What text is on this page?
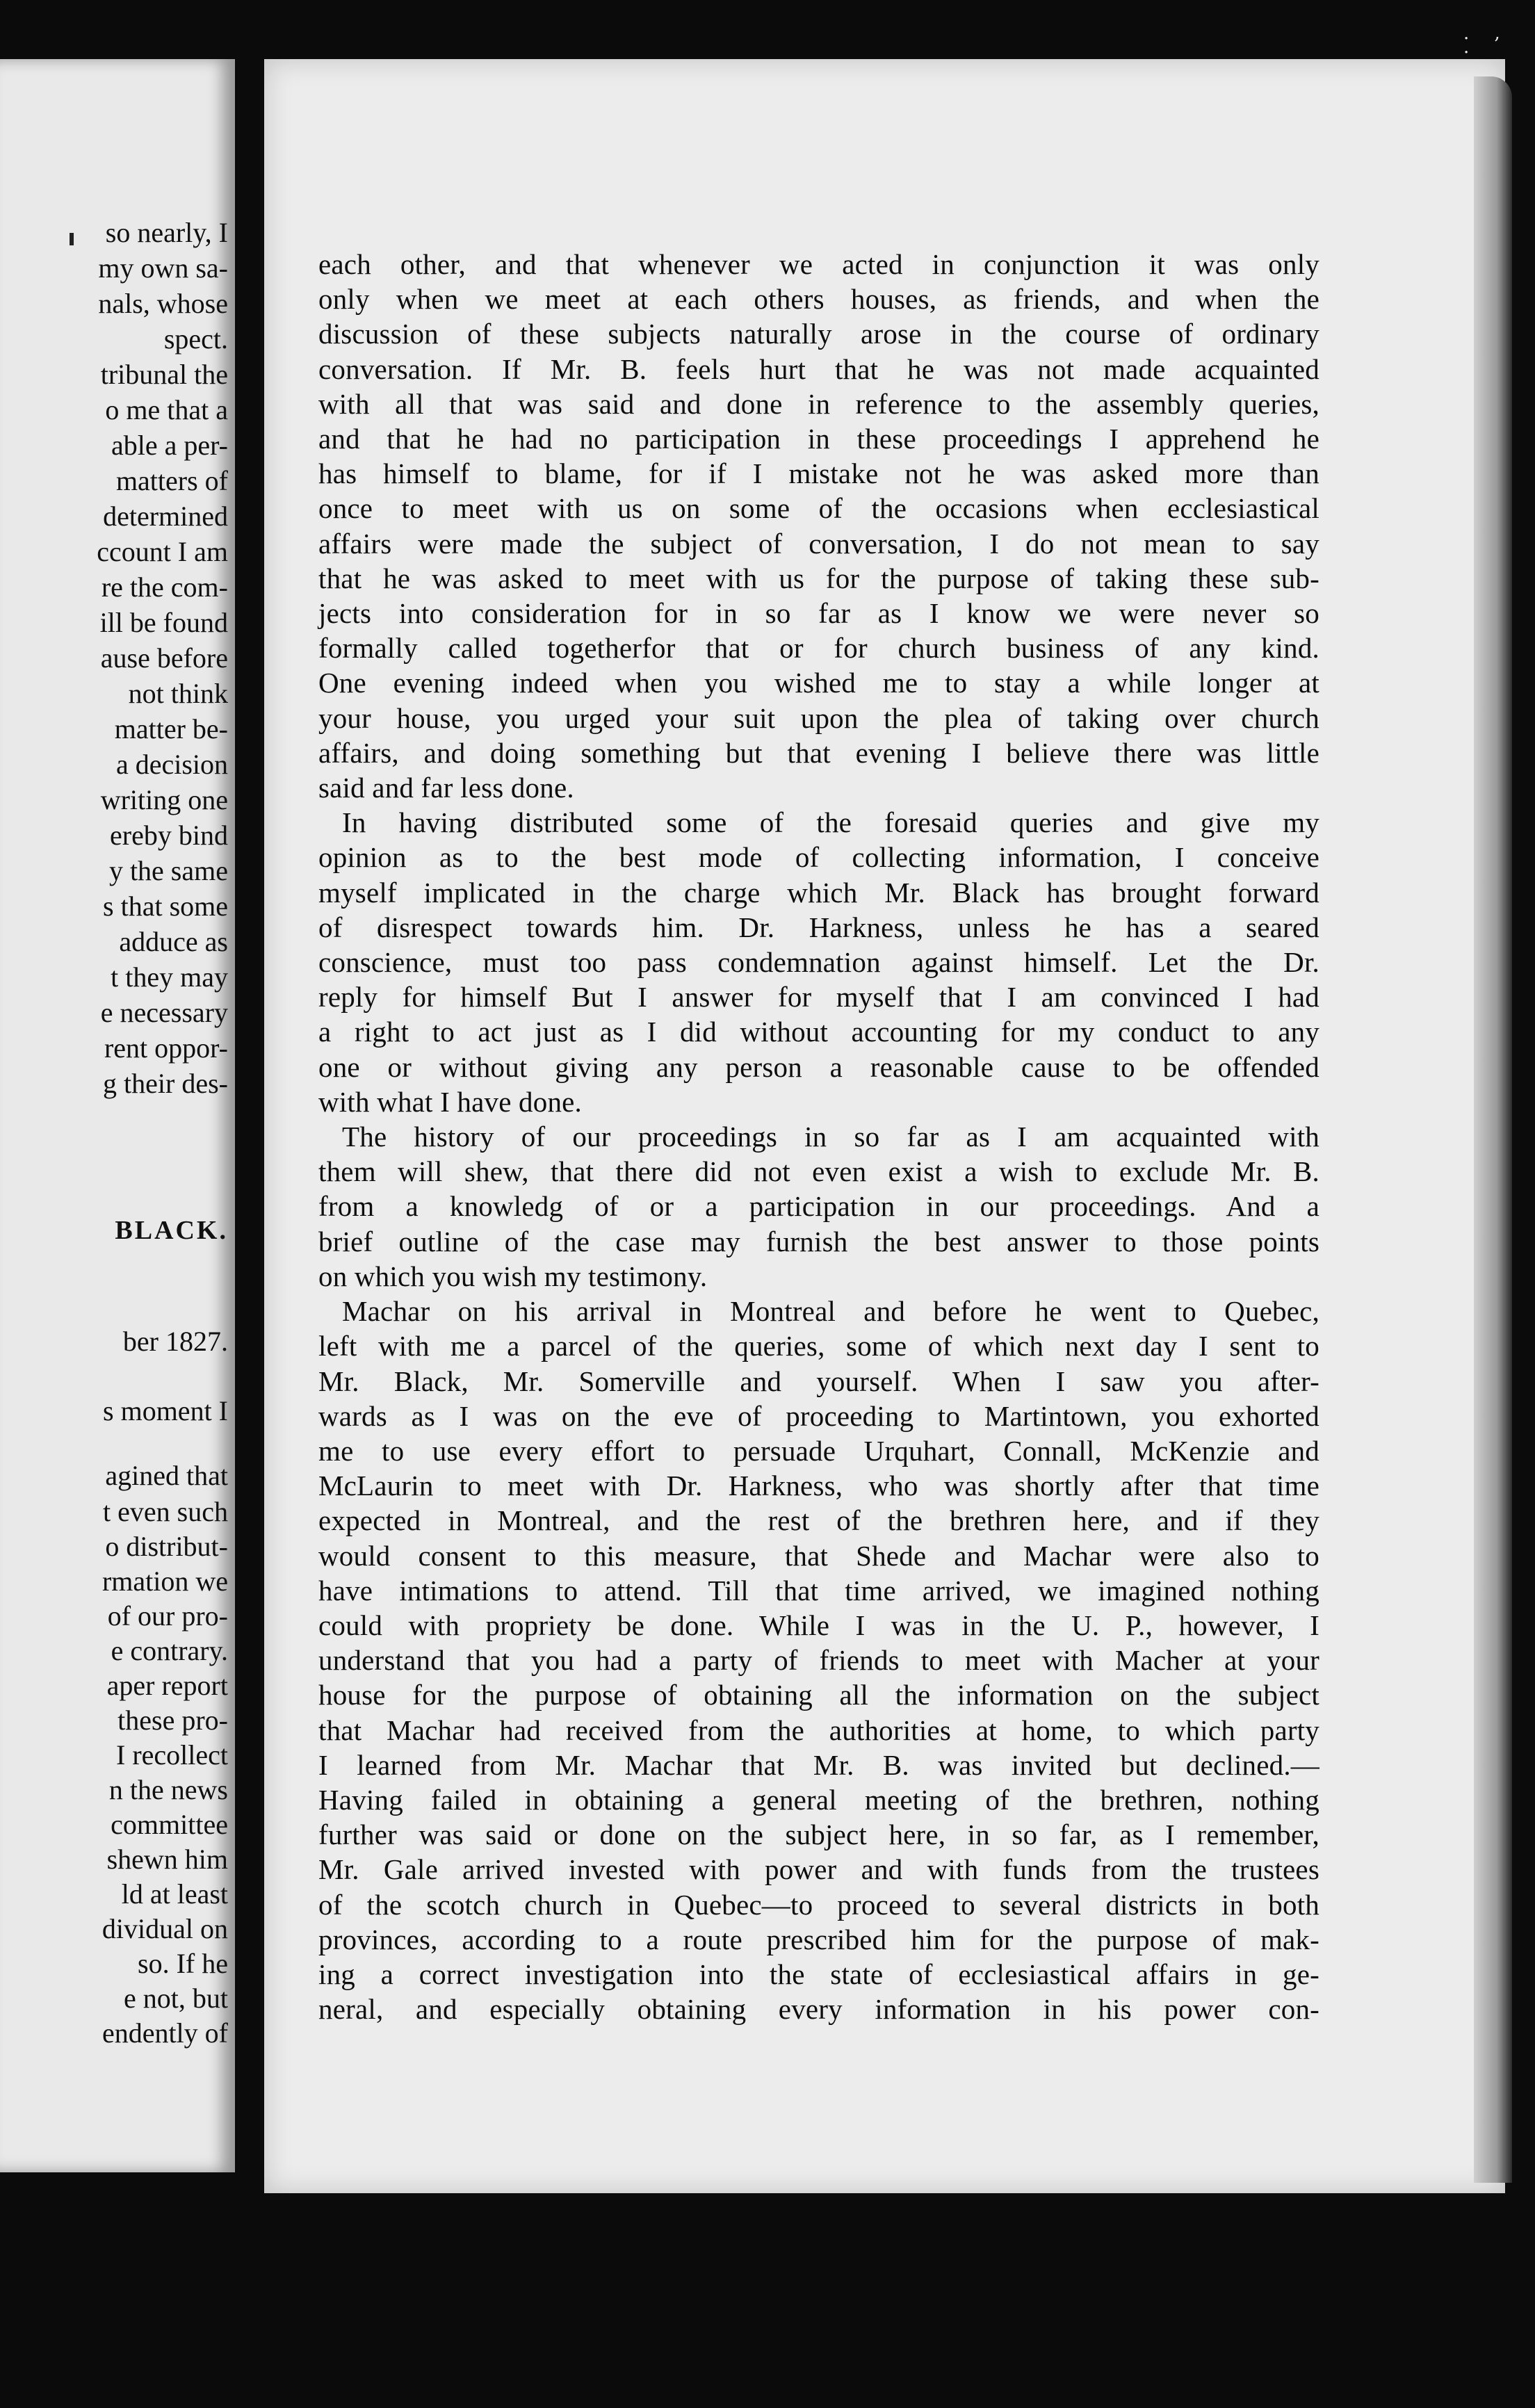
. , .
so nearly, I
my own sa-
nals, whose
spect.
tribunal the
o me that a
able a per-
matters of
determined
ccount I am
re the com-
ill be found
ause before
not think
matter be-
a decision
writing one
ereby bind
y the same
s that some
adduce as
t they may
e necessary
rent oppor-
g their des-
BLACK.
ber 1827.
s moment I
agined that
t even such
o distribut-
rmation we
of our pro-
e contrary.
aper report
these pro-
I recollect
n the news
committee
shewn him
ld at least
dividual on
so. If he
e not, but
endently of
each other, and that whenever we acted in conjunction it was only
only when we meet at each others houses, as friends, and when the
discussion of these subjects naturally arose in the course of ordinary
conversation. If Mr. B. feels hurt that he was not made acquainted
with all that was said and done in reference to the assembly queries,
and that he had no participation in these proceedings I apprehend he
has himself to blame, for if I mistake not he was asked more than
once to meet with us on some of the occasions when ecclesiastical
affairs were made the subject of conversation, I do not mean to say
that he was asked to meet with us for the purpose of taking these sub-
jects into consideration for in so far as I know we were never so
formally called togetherfor that or for church business of any kind.
One evening indeed when you wished me to stay a while longer at
your house, you urged your suit upon the plea of taking over church
affairs, and doing something but that evening I believe there was little
said and far less done.
In having distributed some of the foresaid queries and give my
opinion as to the best mode of collecting information, I conceive
myself implicated in the charge which Mr. Black has brought forward
of disrespect towards him. Dr. Harkness, unless he has a seared
conscience, must too pass condemnation against himself. Let the Dr.
reply for himself But I answer for myself that I am convinced I had
a right to act just as I did without accounting for my conduct to any
one or without giving any person a reasonable cause to be offended
with what I have done.
The history of our proceedings in so far as I am acquainted with
them will shew, that there did not even exist a wish to exclude Mr. B.
from a knowledg of or a participation in our proceedings. And a
brief outline of the case may furnish the best answer to those points
on which you wish my testimony.
Machar on his arrival in Montreal and before he went to Quebec,
left with me a parcel of the queries, some of which next day I sent to
Mr. Black, Mr. Somerville and yourself. When I saw you after-
wards as I was on the eve of proceeding to Martintown, you exhorted
me to use every effort to persuade Urquhart, Connall, McKenzie and
McLaurin to meet with Dr. Harkness, who was shortly after that time
expected in Montreal, and the rest of the brethren here, and if they
would consent to this measure, that Shede and Machar were also to
have intimations to attend. Till that time arrived, we imagined nothing
could with propriety be done. While I was in the U. P., however, I
understand that you had a party of friends to meet with Macher at your
house for the purpose of obtaining all the information on the subject
that Machar had received from the authorities at home, to which party
I learned from Mr. Machar that Mr. B. was invited but declined.—
Having failed in obtaining a general meeting of the brethren, nothing
further was said or done on the subject here, in so far, as I remember,
Mr. Gale arrived invested with power and with funds from the trustees
of the scotch church in Quebec—to proceed to several districts in both
provinces, according to a route prescribed him for the purpose of mak-
ing a correct investigation into the state of ecclesiastical affairs in ge-
neral, and especially obtaining every information in his power con-
